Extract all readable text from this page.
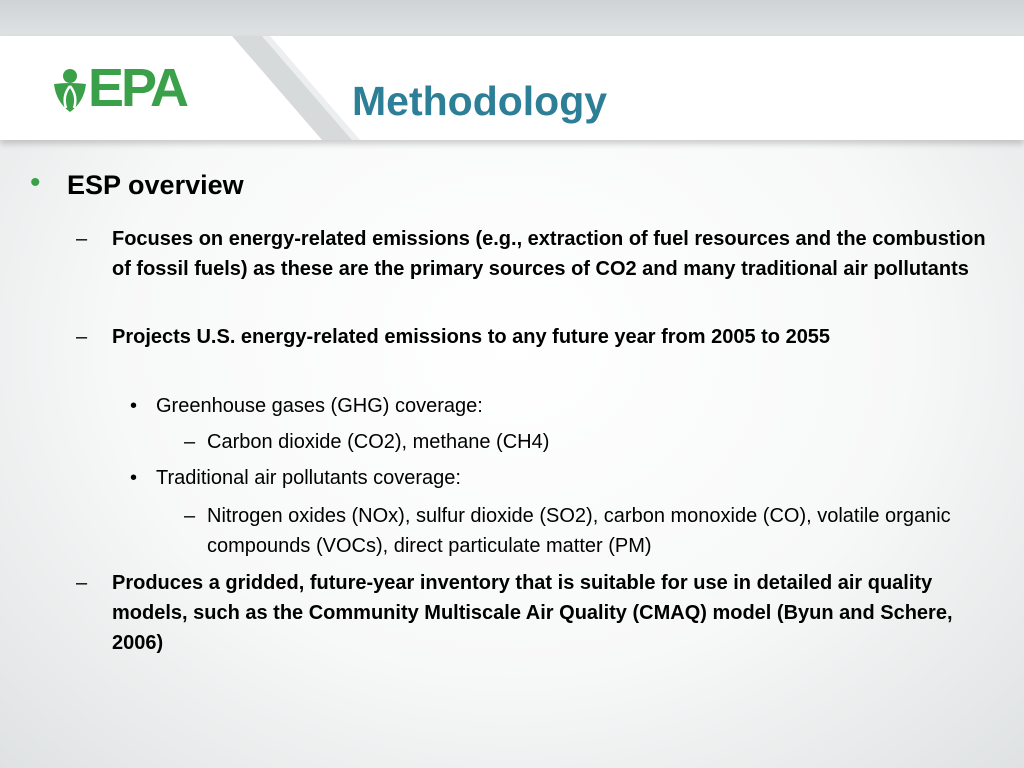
EPA	Methodology
• ESP overview
– Focuses on energy-related emissions (e.g., extraction of fuel resources and the combustion of fossil fuels) as these are the primary sources of CO2 and many traditional air pollutants
– Projects U.S. energy-related emissions to any future year from 2005 to 2055
• Greenhouse gases (GHG) coverage:
– Carbon dioxide (CO2), methane (CH4)
• Traditional air pollutants coverage:
– Nitrogen oxides (NOx), sulfur dioxide (SO2), carbon monoxide (CO), volatile organic compounds (VOCs), direct particulate matter (PM)
– Produces a gridded, future-year inventory that is suitable for use in detailed air quality models, such as the Community Multiscale Air Quality (CMAQ) model (Byun and Schere, 2006)
